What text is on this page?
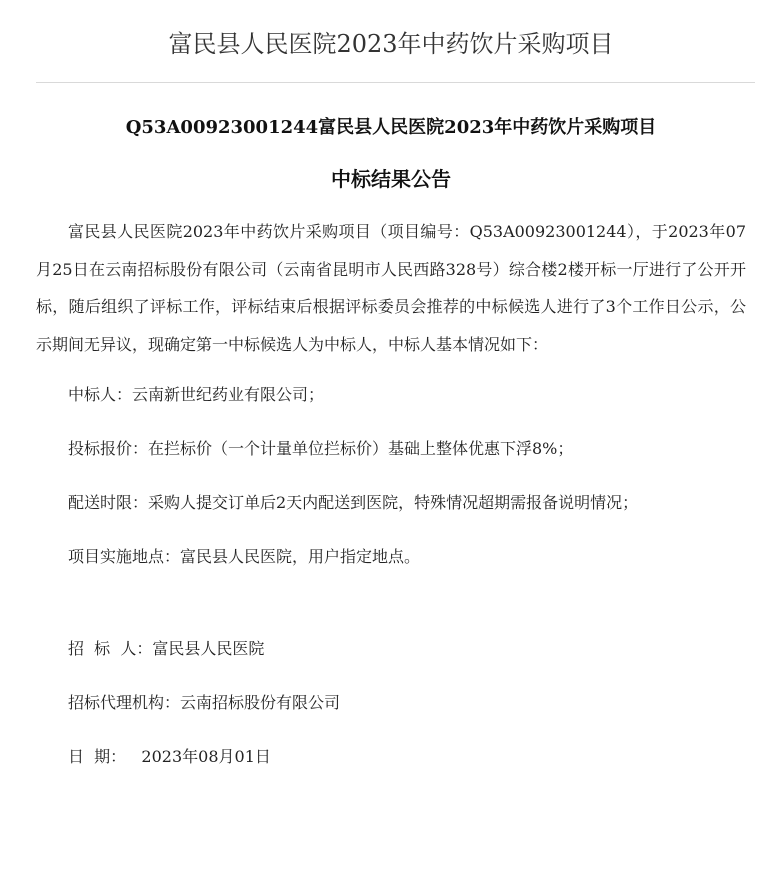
富民县人民医院2023年中药饮片采购项目
Q53A00923001244富民县人民医院2023年中药饮片采购项目
中标结果公告

富民县人民医院2023年中药饮片采购项目（项目编号：Q53A00923001244），于2023年07月25日在云南招标股份有限公司（云南省昆明市人民西路328号）综合楼2楼开标一厅进行了公开开标，随后组织了评标工作，评标结束后根据评标委员会推荐的中标候选人进行了3个工作日公示，公示期间无异议，现确定第一中标候选人为中标人，中标人基本情况如下：

中标人：云南新世纪药业有限公司；

投标报价：在拦标价（一个计量单位拦标价）基础上整体优惠下浮8%；

配送时限：采购人提交订单后2天内配送到医院，特殊情况超期需报备说明情况；

项目实施地点：富民县人民医院，用户指定地点。

招  标  人：富民县人民医院

招标代理机构：云南招标股份有限公司

日  期：   2023年08月01日
